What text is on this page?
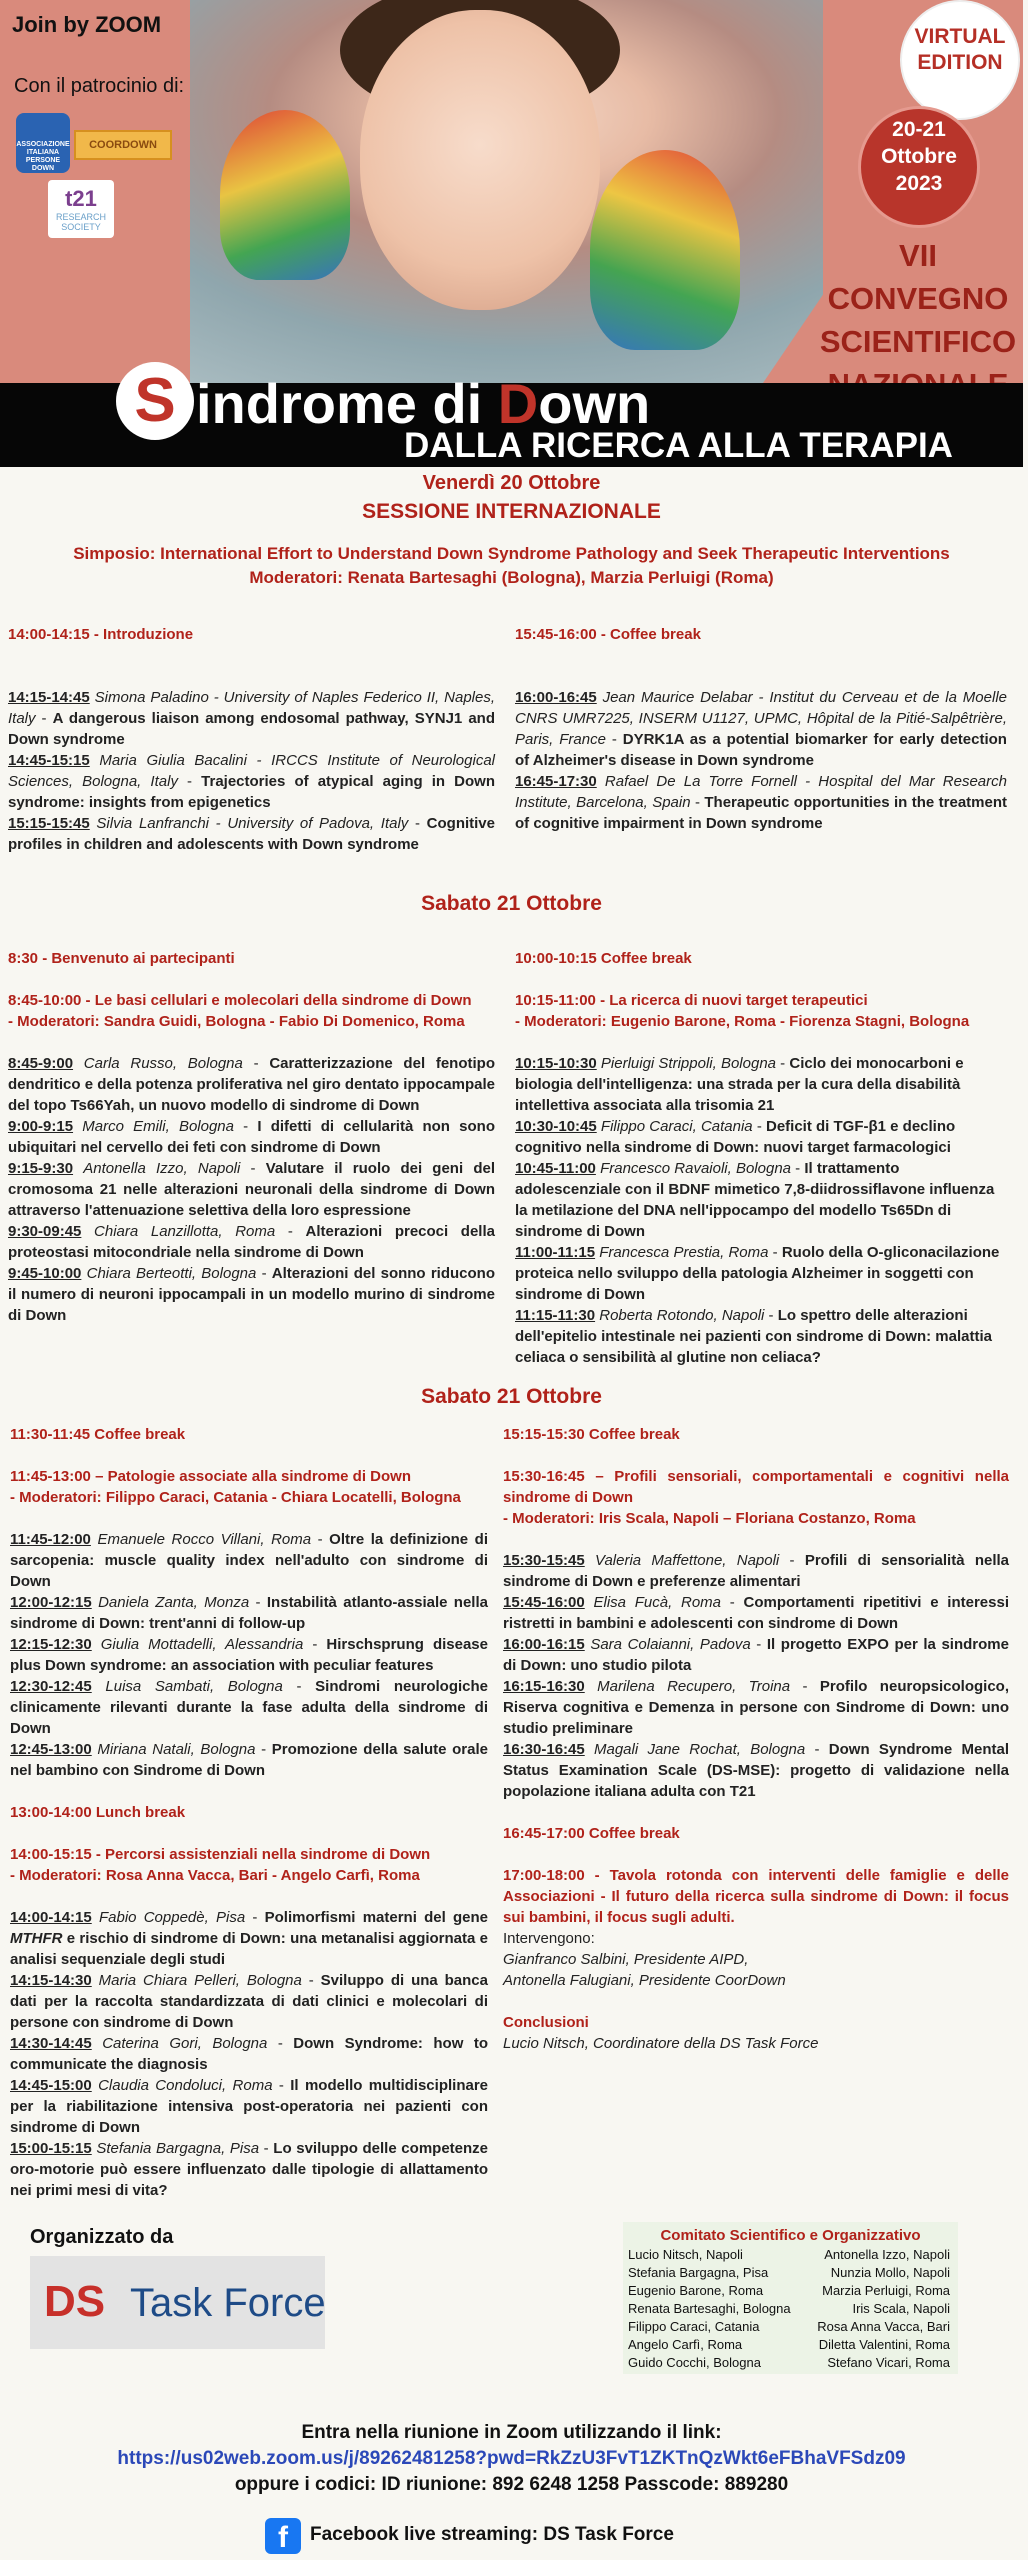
Join by ZOOM
Con il patrocinio di:
ASSOCIAZIONE ITALIANA PERSONE DOWN
COORDOWN
t21
RESEARCH SOCIETY
VIRTUAL EDITION
20-21 Ottobre 2023
VII CONVEGNO SCIENTIFICO
S indrome di Down
DALLA RICERCA ALLA TERAPIA
Venerdì 20 Ottobre
SESSIONE INTERNAZIONALE
Simposio: International Effort to Understand Down Syndrome Pathology and Seek Therapeutic Interventions
Moderatori: Renata Bartesaghi (Bologna), Marzia Perluigi (Roma)

14:00-14:15 - Introduzione

14:15-14:45 Simona Paladino - University of Naples Federico II, Naples, Italy - A dangerous liaison among endosomal pathway, SYNJ1 and Down syndrome

14:45-15:15 Maria Giulia Bacalini - IRCCS Institute of Neurological Sciences, Bologna, Italy - Trajectories of atypical aging in Down syndrome: insights from epigenetics

15:15-15:45 Silvia Lanfranchi - University of Padova, Italy - Cognitive profiles in children and adolescents with Down syndrome

15:45-16:00 - Coffee break

16:00-16:45 Jean Maurice Delabar - Institut du Cerveau et de la Moelle CNRS UMR7225, INSERM U1127, UPMC, Hôpital de la Pitié-Salpêtrière, Paris, France - DYRK1A as a potential biomarker for early detection of Alzheimer's disease in Down syndrome

16:45-17:30 Rafael De La Torre Fornell - Hospital del Mar Research Institute, Barcelona, Spain - Therapeutic opportunities in the treatment of cognitive impairment in Down syndrome

Sabato 21 Ottobre

8:30 - Benvenuto ai partecipanti

8:45-10:00 - Le basi cellulari e molecolari della sindrome di Down

- Moderatori: Sandra Guidi, Bologna - Fabio Di Domenico, Roma

8:45-9:00 Carla Russo, Bologna - Caratterizzazione del fenotipo dendritico e della potenza proliferativa nel giro dentato ippocampale del topo Ts66Yah, un nuovo modello di sindrome di Down

9:00-9:15 Marco Emili, Bologna - I difetti di cellularità non sono ubiquitari nel cervello dei feti con sindrome di Down

9:15-9:30 Antonella Izzo, Napoli - Valutare il ruolo dei geni del cromosoma 21 nelle alterazioni neuronali della sindrome di Down attraverso l'attenuazione selettiva della loro espressione

9:30-09:45 Chiara Lanzillotta, Roma - Alterazioni precoci della proteostasi mitocondriale nella sindrome di Down

9:45-10:00 Chiara Berteotti, Bologna - Alterazioni del sonno riducono il numero di neuroni ippocampali in un modello murino di sindrome di Down

10:00-10:15 Coffee break

10:15-11:00 - La ricerca di nuovi target terapeutici

- Moderatori: Eugenio Barone, Roma - Fiorenza Stagni, Bologna

10:15-10:30 Pierluigi Strippoli, Bologna - Ciclo dei monocarboni e biologia dell'intelligenza: una strada per la cura della disabilità intellettiva associata alla trisomia 21

10:30-10:45 Filippo Caraci, Catania - Deficit di TGF-β1 e declino cognitivo nella sindrome di Down: nuovi target farmacologici

10:45-11:00 Francesco Ravaioli, Bologna - Il trattamento adolescenziale con il BDNF mimetico 7,8-diidrossiflavone influenza la metilazione del DNA nell'ippocampo del modello Ts65Dn di sindrome di Down

11:00-11:15 Francesca Prestia, Roma - Ruolo della O-gliconacilazione proteica nello sviluppo della patologia Alzheimer in soggetti con sindrome di Down

11:15-11:30 Roberta Rotondo, Napoli - Lo spettro delle alterazioni dell'epitelio intestinale nei pazienti con sindrome di Down: malattia celiaca o sensibilità al glutine non celiaca?

Sabato 21 Ottobre

11:30-11:45 Coffee break

11:45-13:00 – Patologie associate alla sindrome di Down

- Moderatori: Filippo Caraci, Catania - Chiara Locatelli, Bologna

11:45-12:00 Emanuele Rocco Villani, Roma - Oltre la definizione di sarcopenia: muscle quality index nell'adulto con sindrome di Down

12:00-12:15 Daniela Zanta, Monza - Instabilità atlanto-assiale nella sindrome di Down: trent'anni di follow-up

12:15-12:30 Giulia Mottadelli, Alessandria - Hirschsprung disease plus Down syndrome: an association with peculiar features

12:30-12:45 Luisa Sambati, Bologna - Sindromi neurologiche clinicamente rilevanti durante la fase adulta della sindrome di Down

12:45-13:00 Miriana Natali, Bologna - Promozione della salute orale nel bambino con Sindrome di Down

13:00-14:00 Lunch break

14:00-15:15 - Percorsi assistenziali nella sindrome di Down

- Moderatori: Rosa Anna Vacca, Bari - Angelo Carfì, Roma

14:00-14:15 Fabio Coppedè, Pisa - Polimorfismi materni del gene MTHFR e rischio di sindrome di Down: una metanalisi aggiornata e analisi sequenziale degli studi

14:15-14:30 Maria Chiara Pelleri, Bologna - Sviluppo di una banca dati per la raccolta standardizzata di dati clinici e molecolari di persone con sindrome di Down

14:30-14:45 Caterina Gori, Bologna - Down Syndrome: how to communicate the diagnosis

14:45-15:00 Claudia Condoluci, Roma - Il modello multidisciplinare per la riabilitazione intensiva post-operatoria nei pazienti con sindrome di Down

15:00-15:15 Stefania Bargagna, Pisa - Lo sviluppo delle competenze oro-motorie può essere influenzato dalle tipologie di allattamento nei primi mesi di vita?

15:15-15:30 Coffee break

15:30-16:45 – Profili sensoriali, comportamentali e cognitivi nella sindrome di Down

- Moderatori: Iris Scala, Napoli – Floriana Costanzo, Roma

15:30-15:45 Valeria Maffettone, Napoli - Profili di sensorialità nella sindrome di Down e preferenze alimentari

15:45-16:00 Elisa Fucà, Roma - Comportamenti ripetitivi e interessi ristretti in bambini e adolescenti con sindrome di Down

16:00-16:15 Sara Colaianni, Padova - Il progetto EXPO per la sindrome di Down: uno studio pilota

16:15-16:30 Marilena Recupero, Troina - Profilo neuropsicologico, Riserva cognitiva e Demenza in persone con Sindrome di Down: uno studio preliminare

16:30-16:45 Magali Jane Rochat, Bologna - Down Syndrome Mental Status Examination Scale (DS-MSE): progetto di validazione nella popolazione italiana adulta con T21

16:45-17:00 Coffee break

17:00-18:00 - Tavola rotonda con interventi delle famiglie e delle Associazioni - Il futuro della ricerca sulla sindrome di Down: il focus sui bambini, il focus sugli adulti.

Intervengono:

Gianfranco Salbini, Presidente AIPD,

Antonella Falugiani, Presidente CoorDown

Conclusioni

Lucio Nitsch, Coordinatore della DS Task Force

Organizzato da
DS Task Force
Comitato Scientifico e Organizzativo
Lucio Nitsch, Napoli
Stefania Bargagna, Pisa
Eugenio Barone, Roma
Renata Bartesaghi, Bologna
Filippo Caraci, Catania
Angelo Carfì, Roma
Guido Cocchi, Bologna
Antonella Izzo, Napoli
Nunzia Mollo, Napoli
Marzia Perluigi, Roma
Iris Scala, Napoli
Rosa Anna Vacca, Bari
Diletta Valentini, Roma
Stefano Vicari, Roma
Entra nella riunione in Zoom utilizzando il link:
https://us02web.zoom.us/j/89262481258?pwd=RkZzU3FvT1ZKTnQzWkt6eFBhaVFSdz09
oppure i codici: ID riunione: 892 6248 1258 Passcode: 889280
f	Facebook live streaming: DS Task Force
